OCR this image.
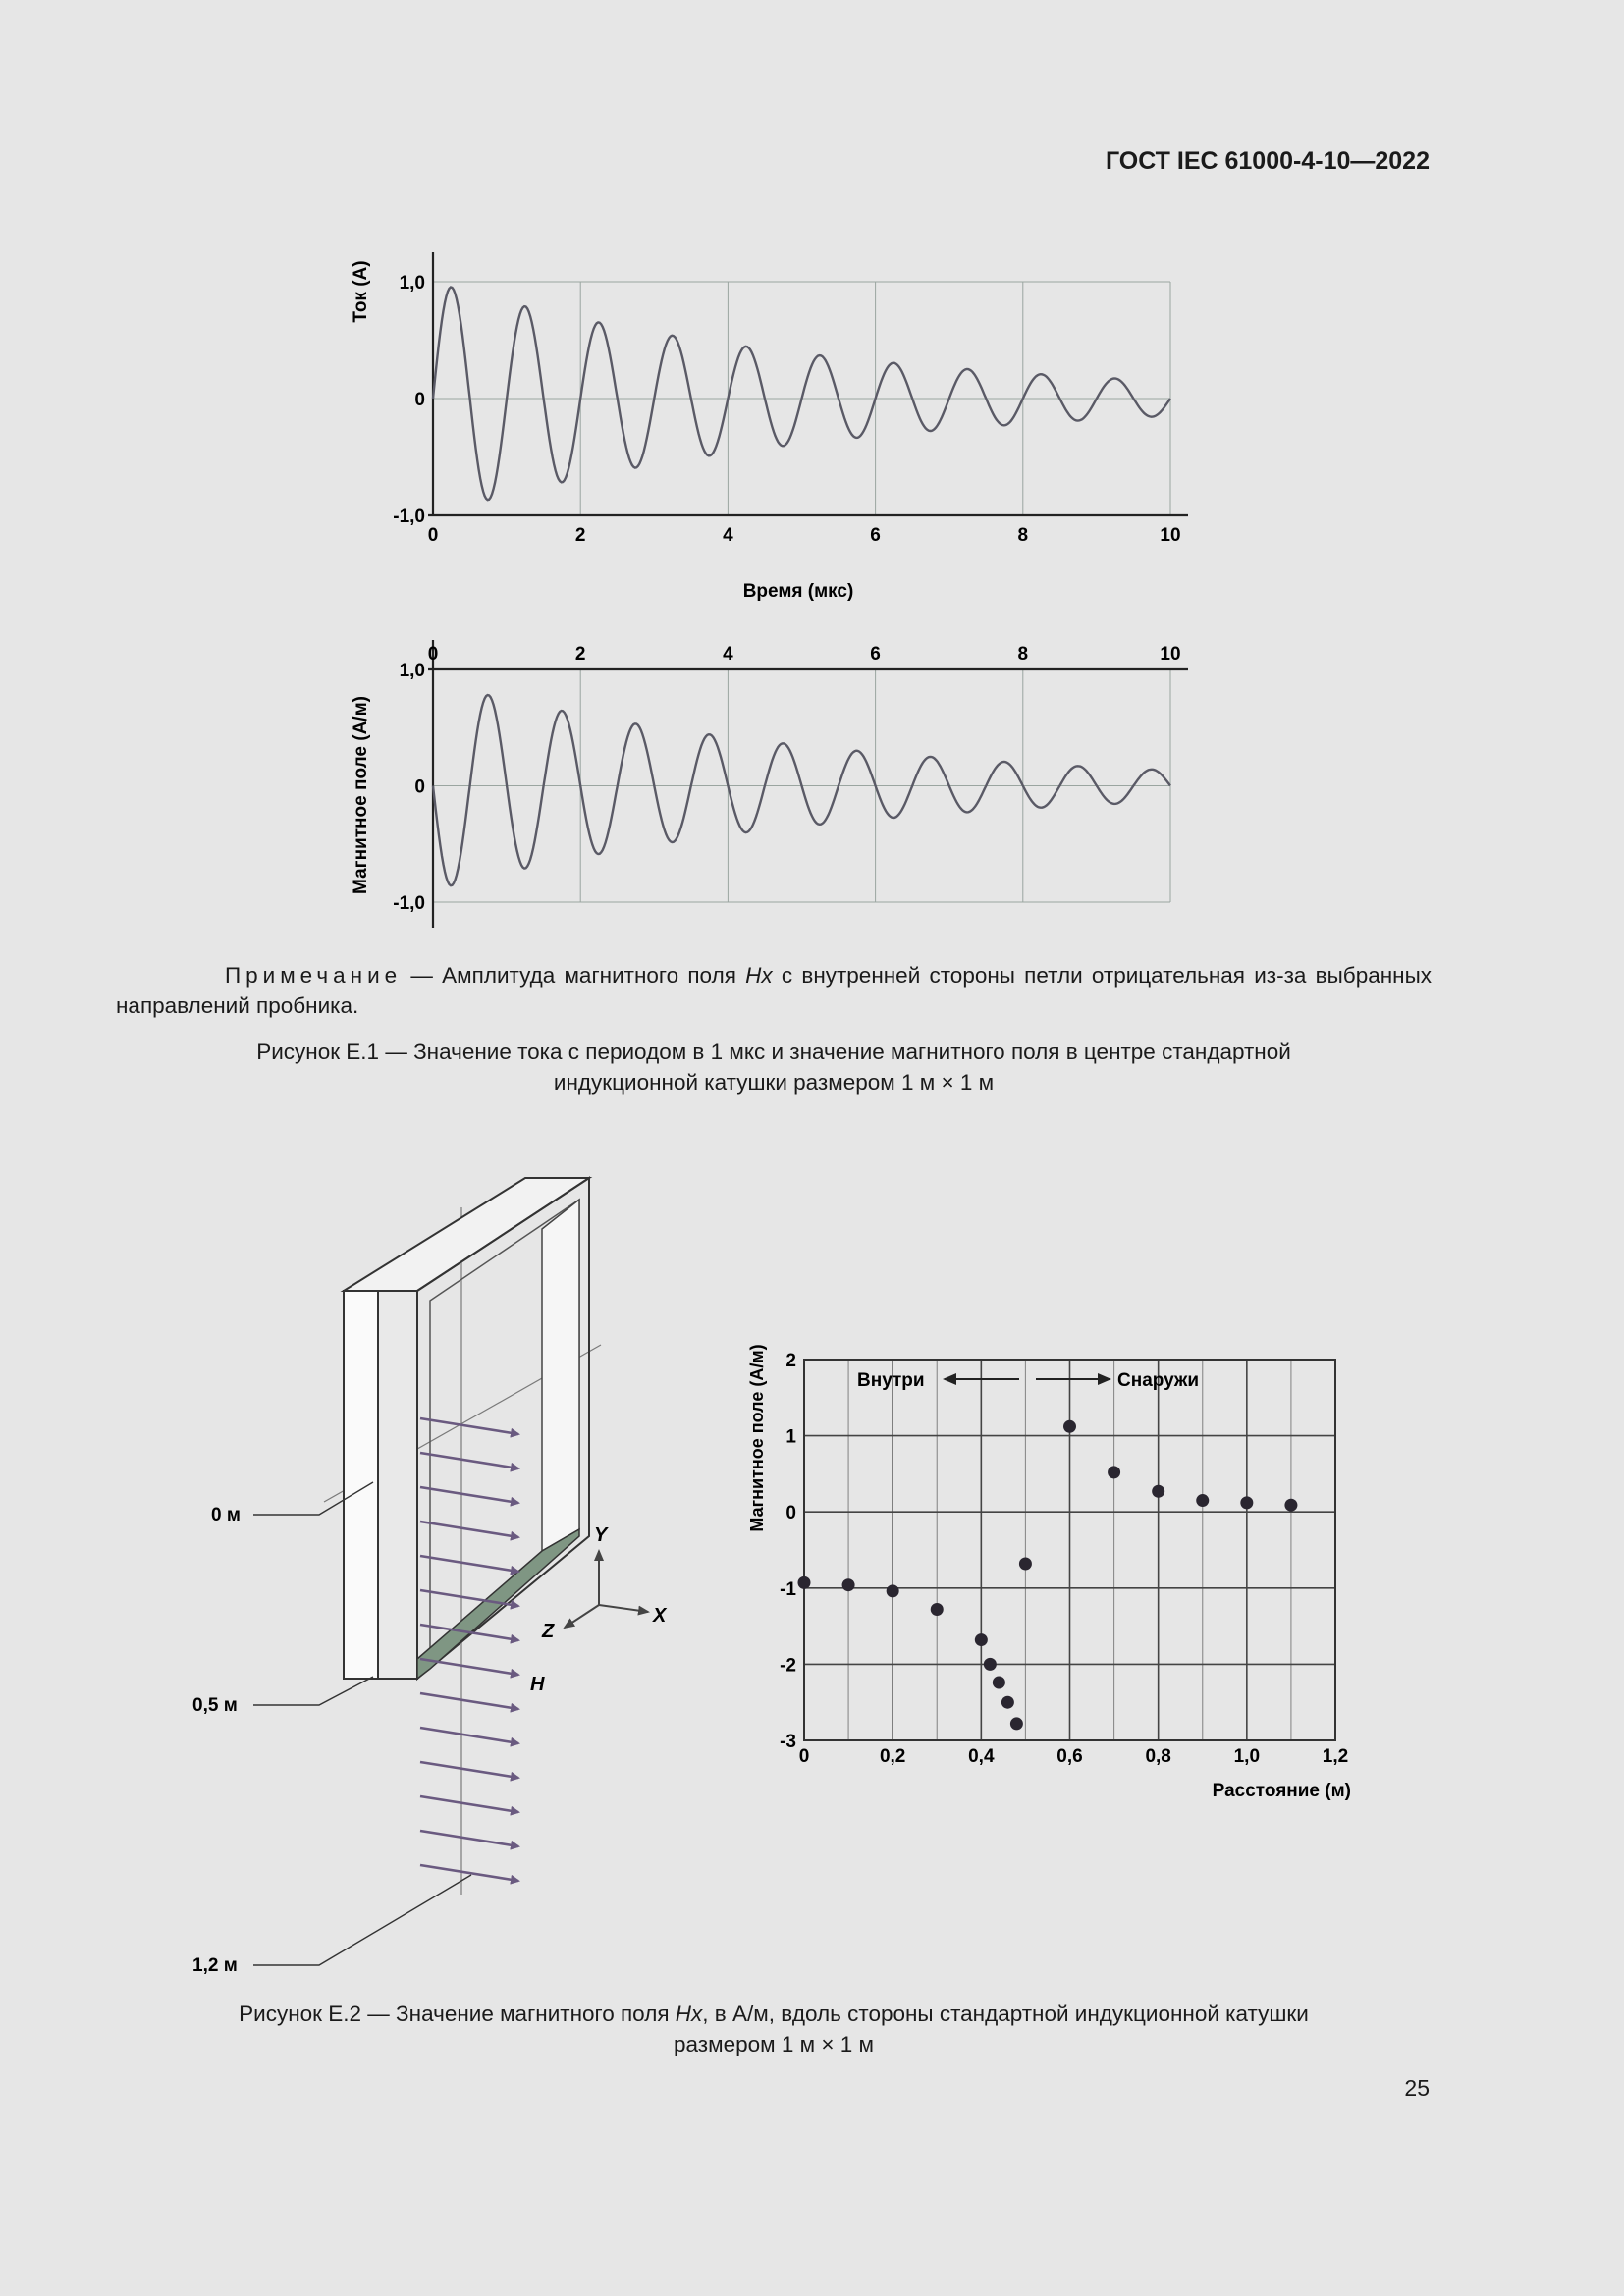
ГОСТ IEC 61000-4-10—2022
0	2	4	6	8	10
1,0
0
-1,0
Ток (А)
Время (мкс)
0	2	4	6	8	10
1,0
0
-1,0
Магнитное поле (А/м)
Примечание — Амплитуда магнитного поля Hx с внутренней стороны петли отрицательная из-за выбранных направлений пробника.
Рисунок Е.1 — Значение тока с периодом в 1 мкс и значение магнитного поля в центре стандартной
индукционной катушки размером 1 м × 1 м
Y
X
Z
H
0 м
0,5 м
1,2 м
0	0,2	0,4	0,6	0,8	1,0	1,2
2
1
0
-1
-2
-3
Внутри	Снаружи
Магнитное поле (А/м)
Расстояние (м)
Рисунок Е.2 — Значение магнитного поля Hx, в А/м, вдоль стороны стандартной индукционной катушки
размером 1 м × 1 м
25
